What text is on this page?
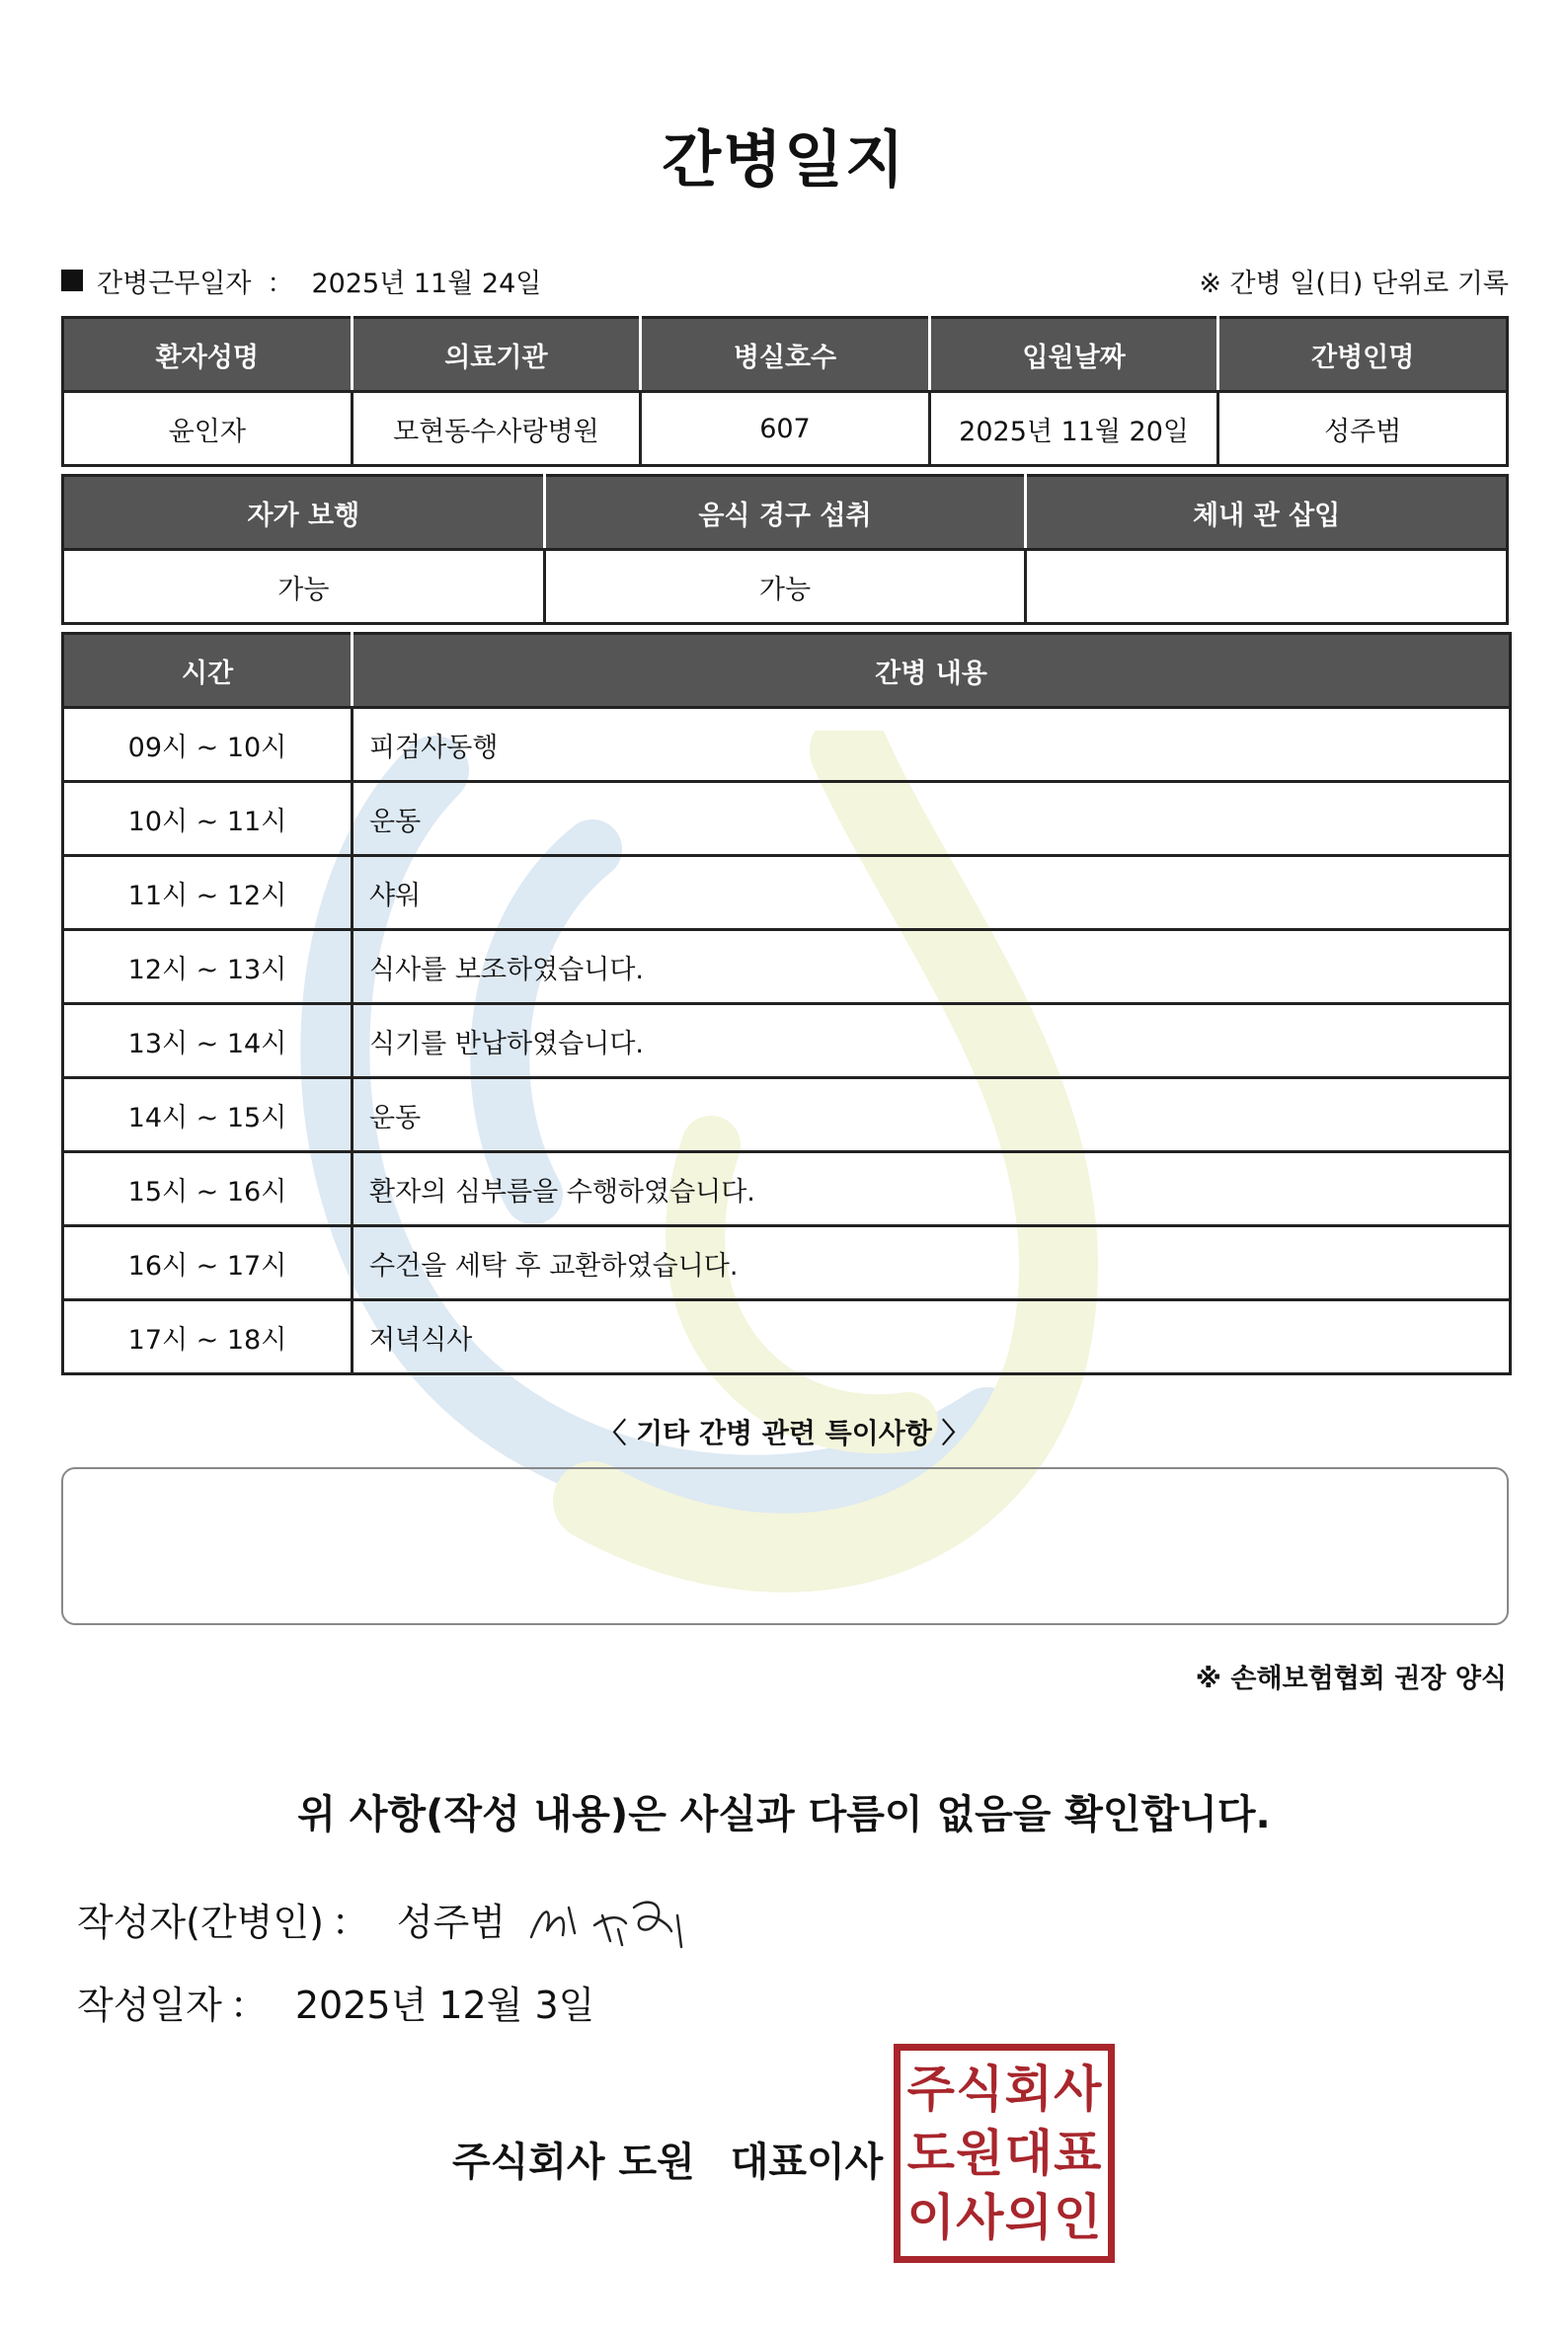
간병일지
간병근무일자 ： 2025년 11월 24일	※ 간병 일(日) 단위로 기록
환자성명	의료기관	병실호수	입원날짜	간병인명
윤인자	모현동수사랑병원	607	2025년 11월 20일	성주범
자가 보행	음식 경구 섭취	체내 관 삽입
가능	가능	
시간	간병 내용
09시 ~ 10시	피검사동행
10시 ~ 11시	운동
11시 ~ 12시	샤워
12시 ~ 13시	식사를 보조하였습니다.
13시 ~ 14시	식기를 반납하였습니다.
14시 ~ 15시	운동
15시 ~ 16시	환자의 심부름을 수행하였습니다.
16시 ~ 17시	수건을 세탁 후 교환하였습니다.
17시 ~ 18시	저녁식사
〈 기타 간병 관련 특이사항 〉
※ 손해보험협회 권장 양식
위 사항(작성 내용)은 사실과 다름이 없음을 확인합니다.
작성자(간병인) ： 성주범
작성일자 ： 2025년 12월 3일
주식회사 도원 대표이사
주 식 회 사
도 원 대 표
이 사 의 인
